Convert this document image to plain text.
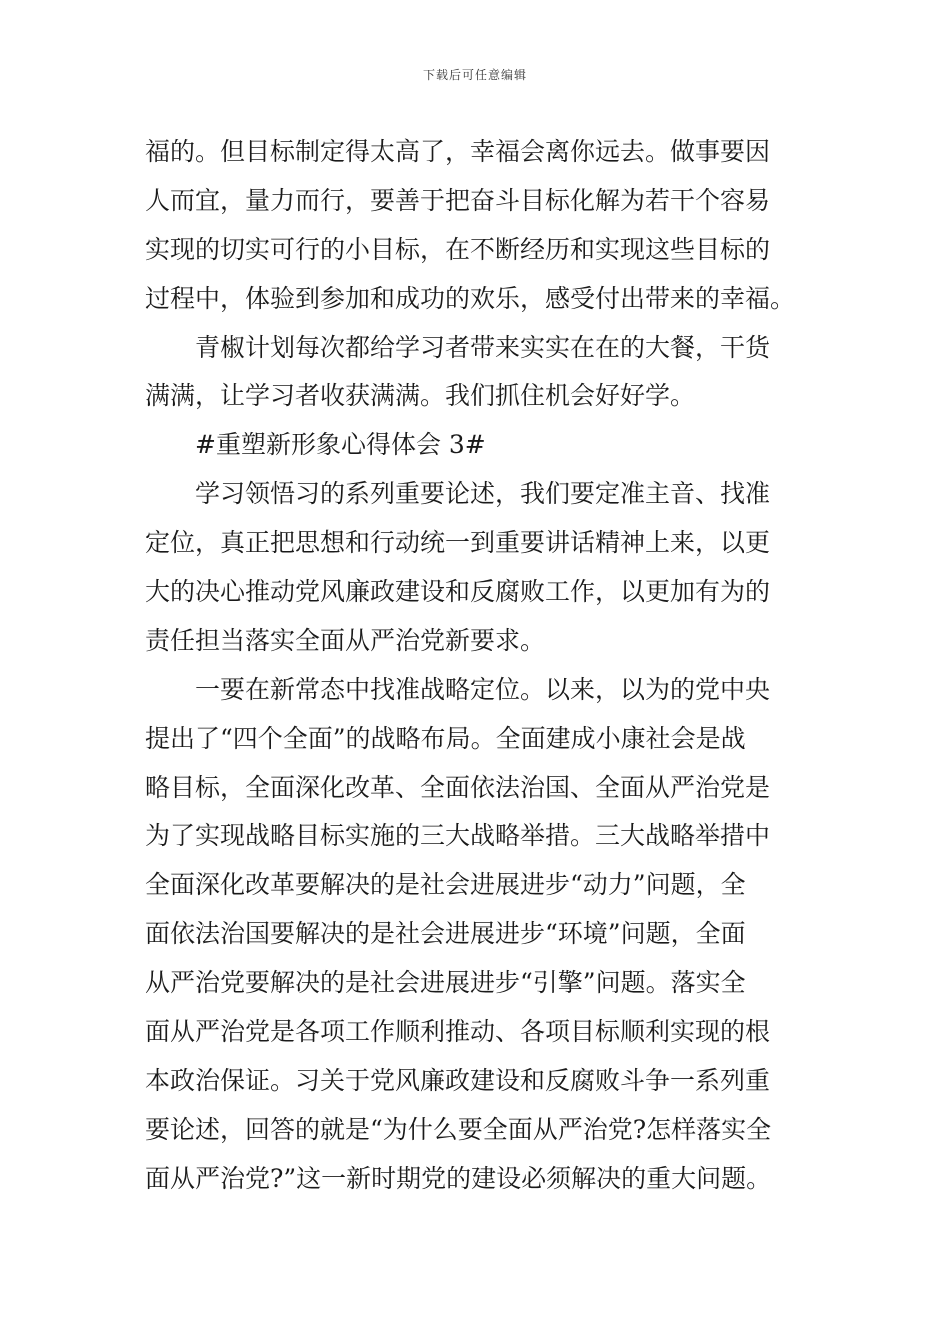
下载后可任意编辑
福的。但目标制定得太高了，幸福会离你远去。做事要因
人而宜，量力而行，要善于把奋斗目标化解为若干个容易
实现的切实可行的小目标，在不断经历和实现这些目标的
过程中，体验到参加和成功的欢乐，感受付出带来的幸福。
青椒计划每次都给学习者带来实实在在的大餐，干货
满满，让学习者收获满满。我们抓住机会好好学。
#重塑新形象心得体会 3#
学习领悟习的系列重要论述，我们要定准主音、找准
定位，真正把思想和行动统一到重要讲话精神上来，以更
大的决心推动党风廉政建设和反腐败工作，以更加有为的
责任担当落实全面从严治党新要求。
一要在新常态中找准战略定位。以来，以为的党中央
提出了“四个全面”的战略布局。全面建成小康社会是战
略目标，全面深化改革、全面依法治国、全面从严治党是
为了实现战略目标实施的三大战略举措。三大战略举措中
全面深化改革要解决的是社会进展进步“动力”问题，全
面依法治国要解决的是社会进展进步“环境”问题，全面
从严治党要解决的是社会进展进步“引擎”问题。落实全
面从严治党是各项工作顺利推动、各项目标顺利实现的根
本政治保证。习关于党风廉政建设和反腐败斗争一系列重
要论述，回答的就是“为什么要全面从严治党?怎样落实全
面从严治党?”这一新时期党的建设必须解决的重大问题。
